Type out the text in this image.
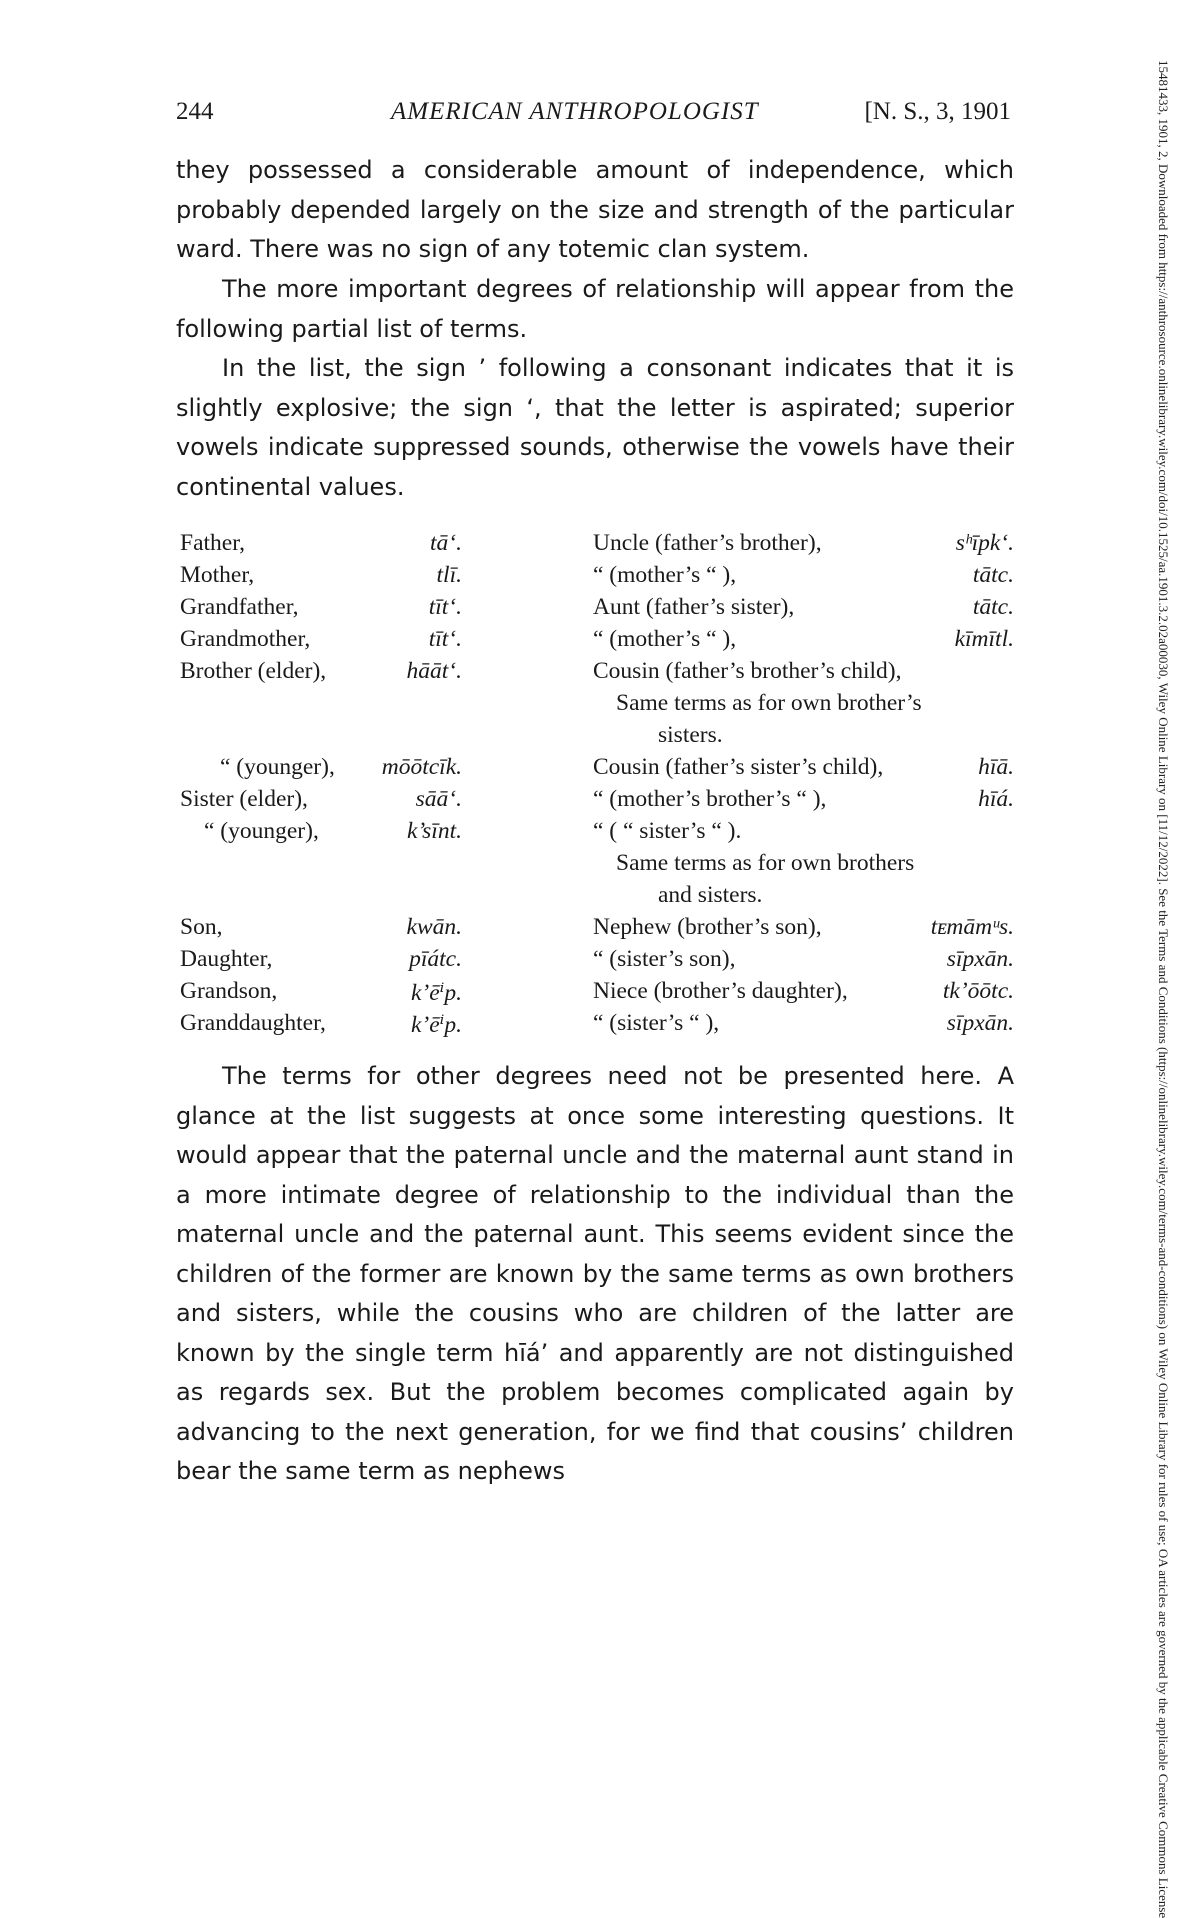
244	AMERICAN ANTHROPOLOGIST	[N. S., 3, 1901

they possessed a considerable amount of independence, which probably depended largely on the size and strength of the particular ward. There was no sign of any totemic clan system.

The more important degrees of relationship will appear from the following partial list of terms.

In the list, the sign ’ following a consonant indicates that it is slightly explosive; the sign ‘, that the letter is aspirated; superior vowels indicate suppressed sounds, otherwise the vowels have their continental values.

Father,	tā‘.	Uncle (father’s brother),	sʰīpk‘.
Mother,	tlī.	“ (mother’s “ ),	tātc.
Grandfather,	tīt‘.	Aunt (father’s sister),	tātc.
Grandmother,	tīt‘.	“ (mother’s “ ),	kīmītl.
Brother (elder),	hāāt‘.	Cousin (father’s brother’s child),
Same terms as for own brother’s
sisters.
“ (younger), mōōtcīk.	Cousin (father’s sister’s child),	hīā.
Sister (elder),	sāā‘.	“ (mother’s brother’s “ ),	hīá.
“ (younger),	k’sīnt.	“ ( “ sister’s “ ).
Same terms as for own brothers
and sisters.
Son,	kwān.	Nephew (brother’s son),	tᴇmāmᵘs.
Daughter,	pīátc.	“ (sister’s son),	sīpxān.
Grandson,	k’ēⁱp.	Niece (brother’s daughter),	tk’ōōtc.
Granddaughter,	k’ēⁱp.	“ (sister’s “ ),	sīpxān.

The terms for other degrees need not be presented here. A glance at the list suggests at once some interesting questions. It would appear that the paternal uncle and the maternal aunt stand in a more intimate degree of relationship to the individual than the maternal uncle and the paternal aunt. This seems evident since the children of the former are known by the same terms as own brothers and sisters, while the cousins who are children of the latter are known by the single term hīá’ and apparently are not distinguished as regards sex. But the problem becomes complicated again by advancing to the next generation, for we find that cousins’ children bear the same term as nephews	15481433, 1901, 2, Downloaded from https://anthrosource.onlinelibrary.wiley.com/doi/10.1525/aa.1901.3.2.02a00030, Wiley Online Library on [11/12/2022]. See the Terms and Conditions (https://onlinelibrary.wiley.com/terms-and-conditions) on Wiley Online Library for rules of use; OA articles are governed by the applicable Creative Commons License
